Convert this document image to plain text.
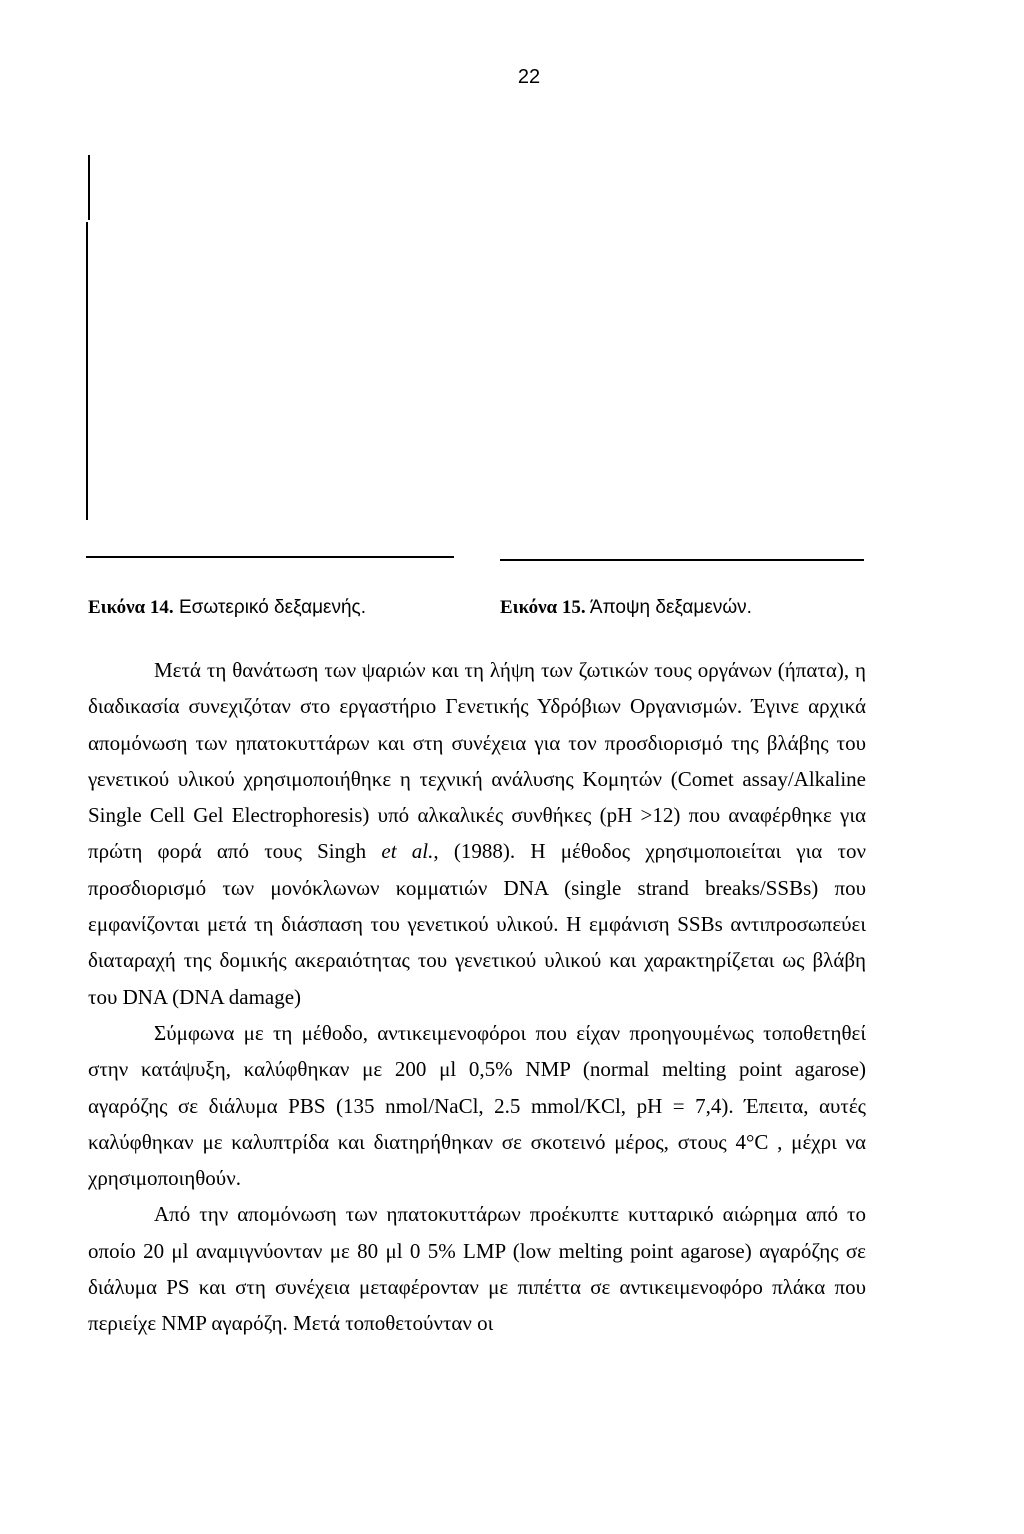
22
Εικόνα 14. Εσωτερικό δεξαμενής.	Εικόνα 15. Άποψη δεξαμενών.

Μετά τη θανάτωση των ψαριών και τη λήψη των ζωτικών τους οργάνων (ήπατα), η διαδικασία συνεχιζόταν στο εργαστήριο Γενετικής Υδρόβιων Οργανισμών. Έγινε αρχικά απομόνωση των ηπατοκυττάρων και στη συνέχεια για τον προσδιορισμό της βλάβης του γενετικού υλικού χρησιμοποιήθηκε η τεχνική ανάλυσης Κομητών (Comet assay/Alkaline Single Cell Gel Electrophoresis) υπό αλκαλικές συνθήκες (pH >12) που αναφέρθηκε για πρώτη φορά από τους Singh et al., (1988). Η μέθοδος χρησιμοποιείται για τον προσδιορισμό των μονόκλωνων κομματιών DNA (single strand breaks/SSBs) που εμφανίζονται μετά τη διάσπαση του γενετικού υλικού. Η εμφάνιση SSBs αντιπροσωπεύει διαταραχή της δομικής ακεραιότητας του γενετικού υλικού και χαρακτηρίζεται ως βλάβη του DNA (DNA damage)

Σύμφωνα με τη μέθοδο, αντικειμενοφόροι που είχαν προηγουμένως τοποθετηθεί στην κατάψυξη, καλύφθηκαν με 200 μl 0,5% NMP (normal melting point agarose) αγαρόζης σε διάλυμα PBS (135 nmol/NaCl, 2.5 mmol/KCl, pH = 7,4). Έπειτα, αυτές καλύφθηκαν με καλυπτρίδα και διατηρήθηκαν σε σκοτεινό μέρος, στους 4°C , μέχρι να χρησιμοποιηθούν.

Από την απομόνωση των ηπατοκυττάρων προέκυπτε κυτταρικό αιώρημα από το οποίο 20 μl αναμιγνύονταν με 80 μl 0 5% LMP (low melting point agarose) αγαρόζης σε διάλυμα PS και στη συνέχεια μεταφέρονταν με πιπέττα σε αντικειμενοφόρο πλάκα που περιείχε NMP αγαρόζη. Μετά τοποθετούνταν οι
